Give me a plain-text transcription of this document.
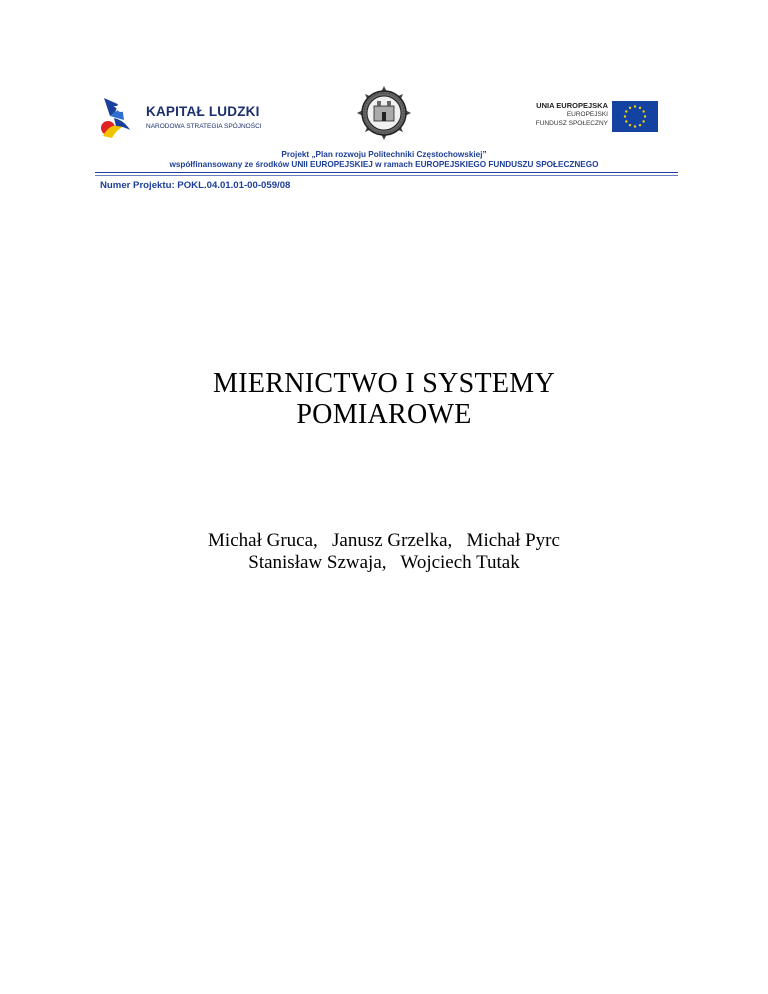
KAPITAŁ LUDZKI
NARODOWA STRATEGIA SPÓJNOŚCI
UNIA EUROPEJSKA
EUROPEJSKI
FUNDUSZ SPOŁECZNY
Projekt „Plan rozwoju Politechniki Częstochowskiej”
współfinansowany ze środków UNII EUROPEJSKIEJ w ramach EUROPEJSKIEGO FUNDUSZU SPOŁECZNEGO
Numer Projektu: POKL.04.01.01-00-059/08
MIERNICTWO I SYSTEMY
POMIAROWE
Michał Gruca,   Janusz Grzelka,   Michał Pyrc
Stanisław Szwaja,   Wojciech Tutak
